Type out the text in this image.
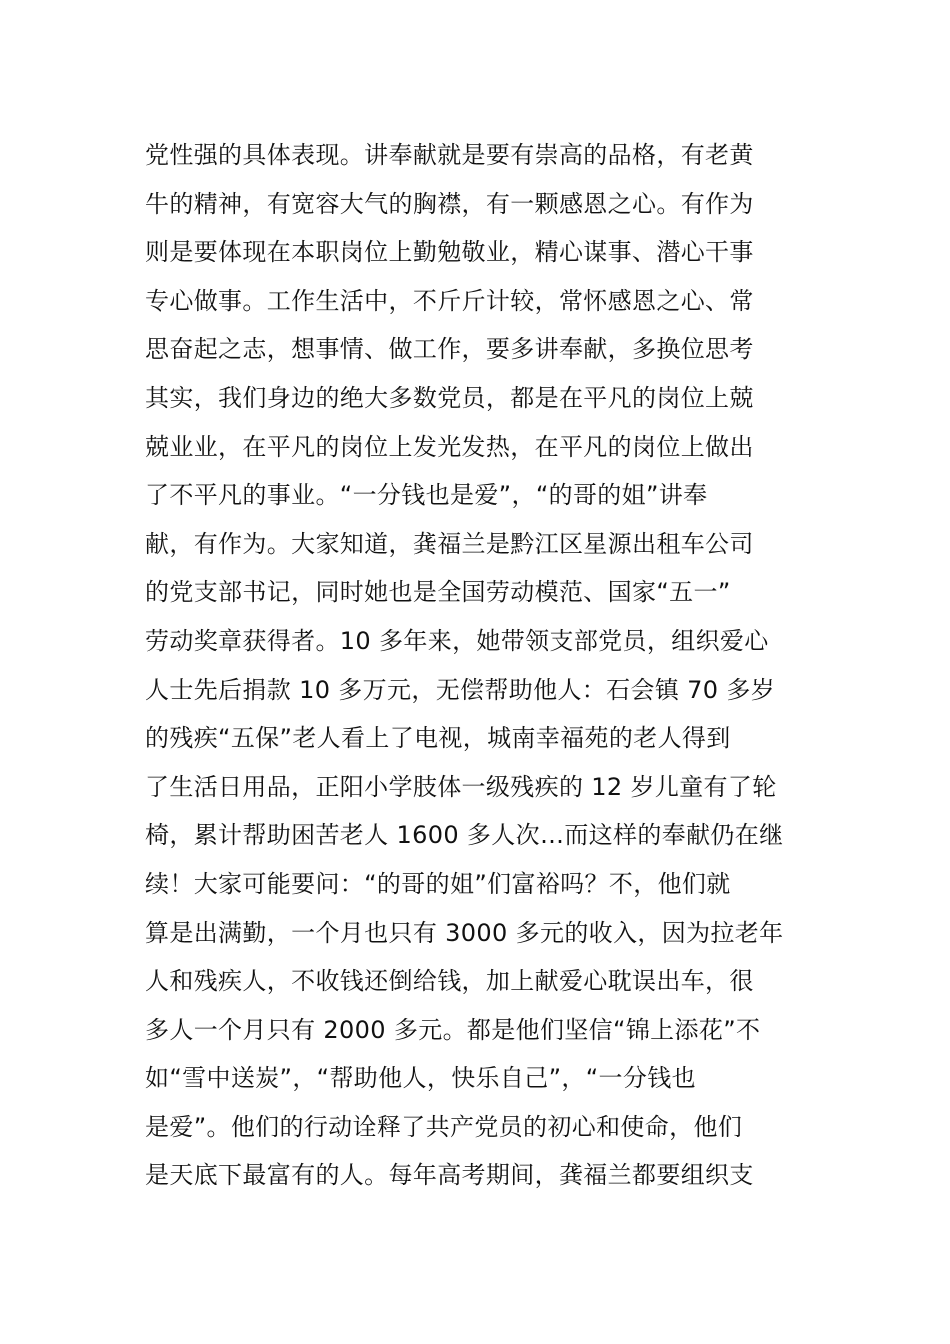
党性强的具体表现。讲奉献就是要有崇高的品格，有老黄
牛的精神，有宽容大气的胸襟，有一颗感恩之心。有作为
则是要体现在本职岗位上勤勉敬业，精心谋事、潜心干事
专心做事。工作生活中，不斤斤计较，常怀感恩之心、常
思奋起之志，想事情、做工作，要多讲奉献，多换位思考
其实，我们身边的绝大多数党员，都是在平凡的岗位上兢
兢业业，在平凡的岗位上发光发热，在平凡的岗位上做出
了不平凡的事业。“一分钱也是爱”，“的哥的姐”讲奉
献，有作为。大家知道，龚福兰是黔江区星源出租车公司
的党支部书记，同时她也是全国劳动模范、国家“五一”
劳动奖章获得者。10 多年来，她带领支部党员，组织爱心
人士先后捐款 10 多万元，无偿帮助他人：石会镇 70 多岁
的残疾“五保”老人看上了电视，城南幸福苑的老人得到
了生活日用品，正阳小学肢体一级残疾的 12 岁儿童有了轮
椅，累计帮助困苦老人 1600 多人次…而这样的奉献仍在继
续！大家可能要问：“的哥的姐”们富裕吗？不，他们就
算是出满勤，一个月也只有 3000 多元的收入，因为拉老年
人和残疾人，不收钱还倒给钱，加上献爱心耽误出车，很
多人一个月只有 2000 多元。都是他们坚信“锦上添花”不
如“雪中送炭”，“帮助他人，快乐自己”，“一分钱也
是爱”。他们的行动诠释了共产党员的初心和使命，他们
是天底下最富有的人。每年高考期间，龚福兰都要组织支
